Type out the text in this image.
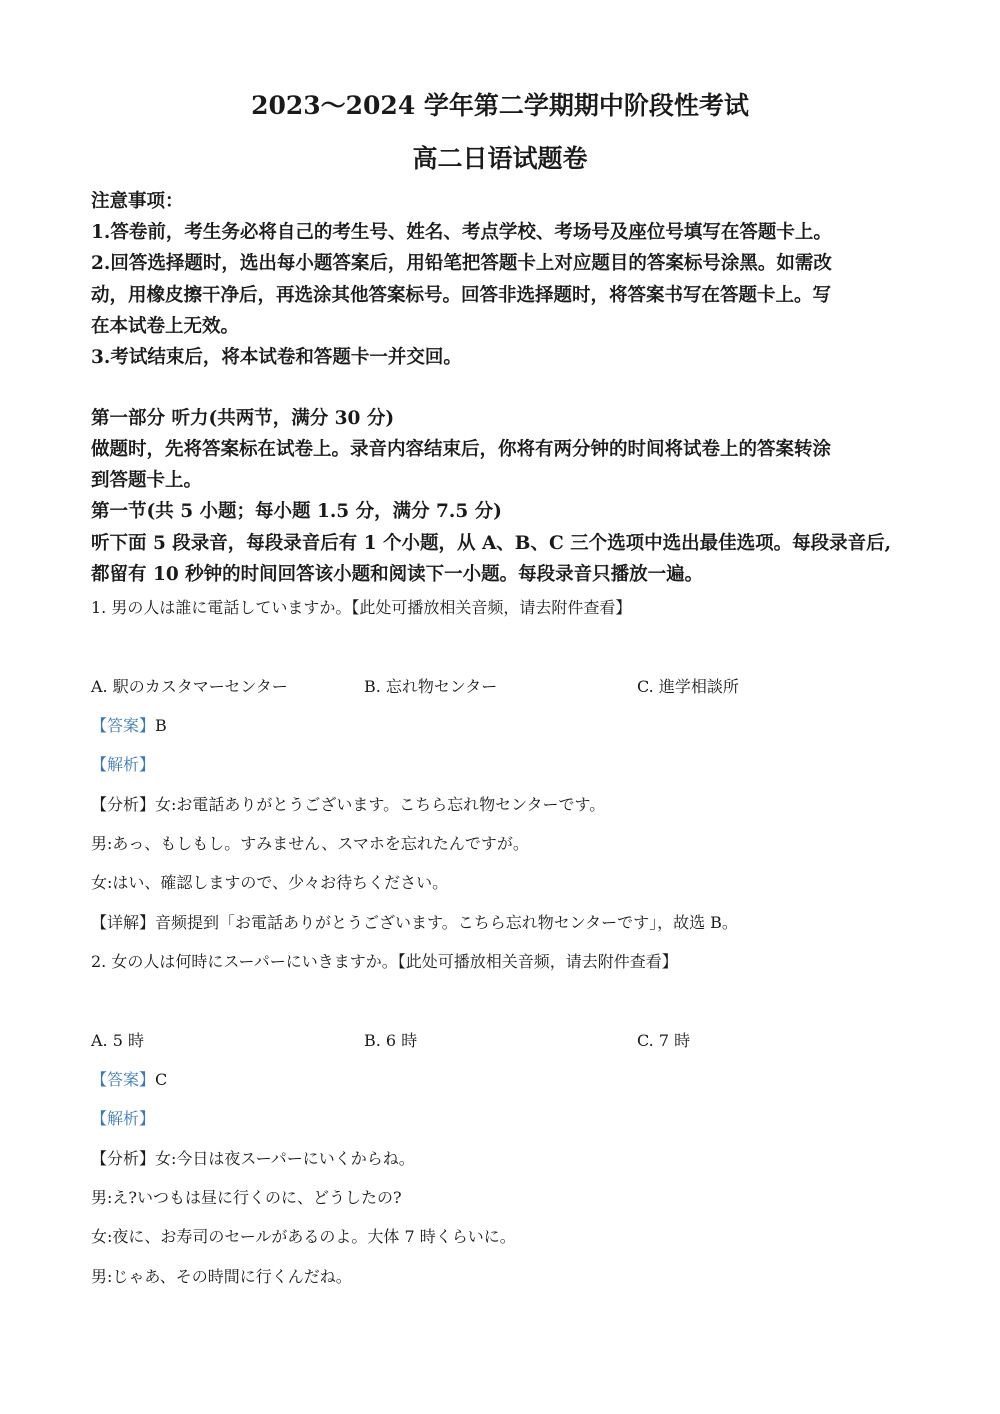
2023～2024 学年第二学期期中阶段性考试
高二日语试题卷
注意事项：
1.答卷前，考生务必将自己的考生号、姓名、考点学校、考场号及座位号填写在答题卡上。
2.回答选择题时，选出每小题答案后，用铅笔把答题卡上对应题目的答案标号涂黑。如需改
动，用橡皮擦干净后，再选涂其他答案标号。回答非选择题时，将答案书写在答题卡上。写
在本试卷上无效。
3.考试结束后，将本试卷和答题卡一并交回。
第一部分 听力(共两节，满分 30 分)
做题时，先将答案标在试卷上。录音内容结束后，你将有两分钟的时间将试卷上的答案转涂
到答题卡上。
第一节(共 5 小题；每小题 1.5 分，满分 7.5 分)
听下面 5 段录音，每段录音后有 1 个小题，从 A、B、C 三个选项中选出最佳选项。每段录音后,
都留有 10 秒钟的时间回答该小题和阅读下一小题。每段录音只播放一遍。
1. 男の人は誰に電話していますか。【此处可播放相关音频，请去附件查看】
A. 駅のカスタマーセンター	B. 忘れ物センター	C. 進学相談所
【答案】B
【解析】
【分析】女:お電話ありがとうございます。こちら忘れ物センターです。
男:あっ、もしもし。すみません、スマホを忘れたんですが。
女:はい、確認しますので、少々お待ちください。
【详解】音频提到「お電話ありがとうございます。こちら忘れ物センターです」，故选 B。
2. 女の人は何時にスーパーにいきますか。【此处可播放相关音频，请去附件查看】
A. 5 時	B. 6 時	C. 7 時
【答案】C
【解析】
【分析】女:今日は夜スーパーにいくからね。
男:え?いつもは昼に行くのに、どうしたの?
女:夜に、お寿司のセールがあるのよ。大体 7 時くらいに。
男:じゃあ、その時間に行くんだね。
